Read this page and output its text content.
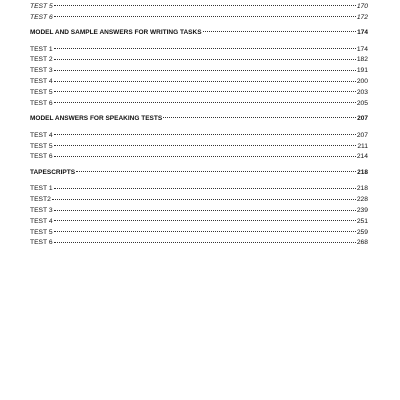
TEST 5	170
TEST 6	172
MODEL AND SAMPLE ANSWERS FOR WRITING TASKS	174
TEST 1	174
TEST 2	182
TEST 3	191
TEST 4	200
TEST 5	203
TEST 6	205
MODEL ANSWERS FOR SPEAKING TESTS	207
TEST 4	207
TEST 5	211
TEST 6	214
TAPESCRIPTS	218
TEST 1	218
TEST2	228
TEST 3	239
TEST 4	251
TEST 5	259
TEST 6	268
